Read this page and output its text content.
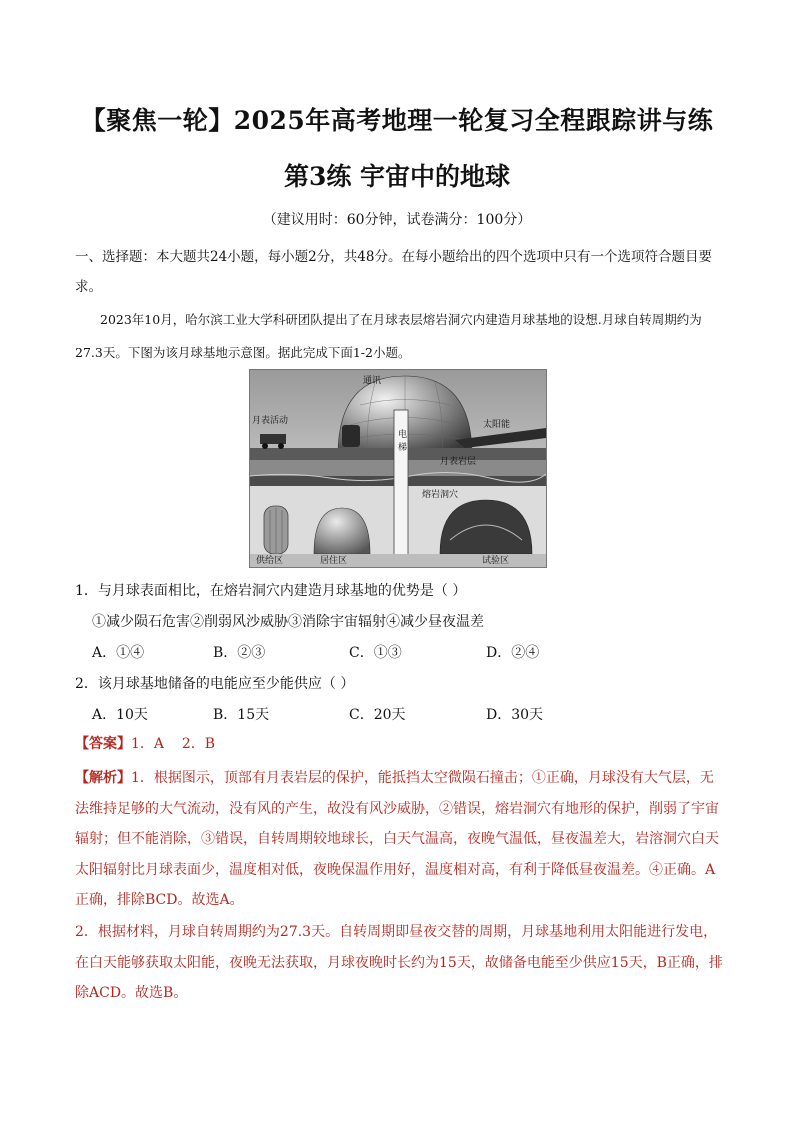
【聚焦一轮】2025年高考地理一轮复习全程跟踪讲与练
第3练 宇宙中的地球
（建议用时：60分钟，试卷满分：100分）
一、选择题：本大题共24小题，每小题2分，共48分。在每小题给出的四个选项中只有一个选项符合题目要求。
2023年10月，哈尔滨工业大学科研团队提出了在月球表层熔岩洞穴内建造月球基地的设想.月球自转周期约为27.3天。下图为该月球基地示意图。据此完成下面1-2小题。
通讯
月表活动	太阳能
电
梯
月表岩层
熔岩洞穴
供给区	居住区	试验区
1．与月球表面相比，在熔岩洞穴内建造月球基地的优势是（ ）
①减少陨石危害②削弱风沙威胁③消除宇宙辐射④减少昼夜温差
A．①④	B．②③	C．①③	D．②④
2．该月球基地储备的电能应至少能供应（ ）
A．10天	B．15天	C．20天	D．30天
【答案】1．A    2．B
【解析】1．根据图示，顶部有月表岩层的保护，能抵挡太空微陨石撞击；①正确，月球没有大气层，无法维持足够的大气流动，没有风的产生，故没有风沙威胁，②错误，熔岩洞穴有地形的保护，削弱了宇宙辐射；但不能消除，③错误，自转周期较地球长，白天气温高，夜晚气温低，昼夜温差大，岩溶洞穴白天太阳辐射比月球表面少，温度相对低，夜晚保温作用好，温度相对高，有利于降低昼夜温差。④正确。A正确，排除BCD。故选A。
2．根据材料，月球自转周期约为27.3天。自转周期即昼夜交替的周期，月球基地利用太阳能进行发电，在白天能够获取太阳能，夜晚无法获取，月球夜晚时长约为15天，故储备电能至少供应15天，B正确，排除ACD。故选B。
